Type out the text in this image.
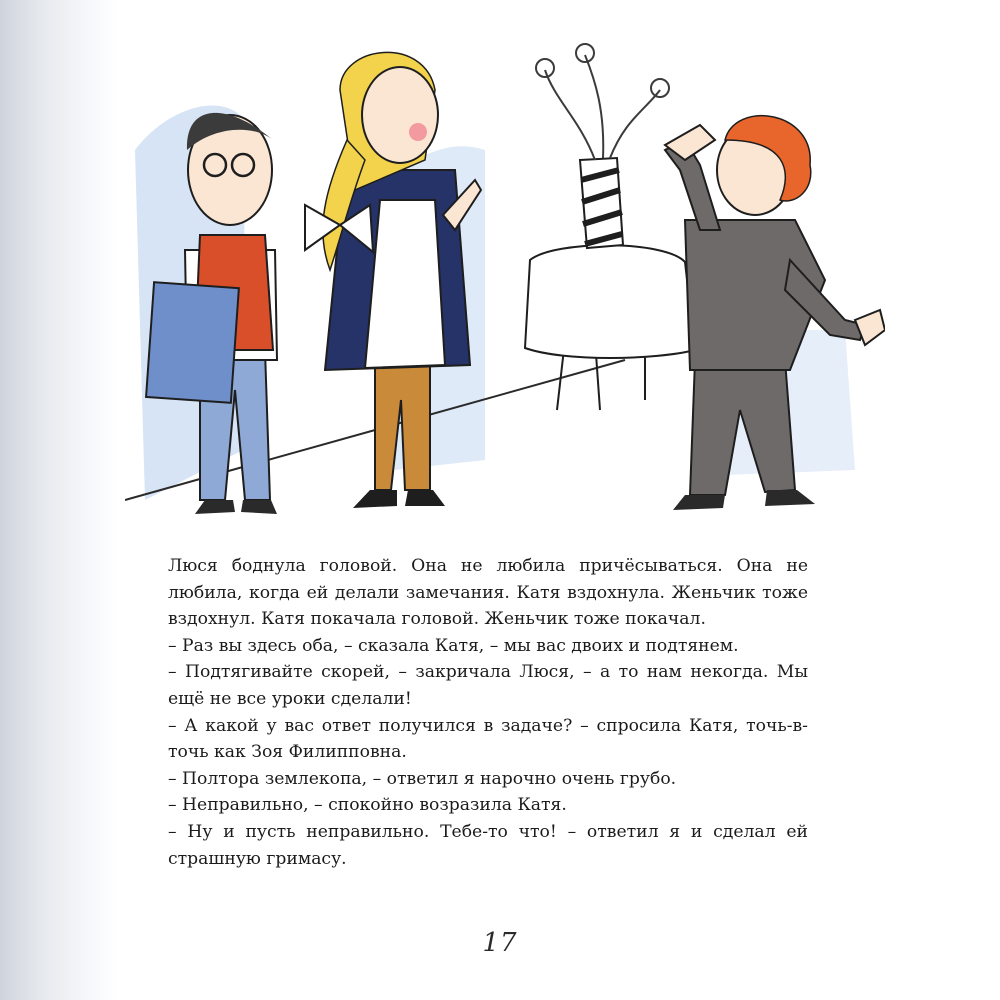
Люся боднула головой. Она не любила причёсываться. Она не любила, когда ей делали замечания. Катя вздохнула. Женьчик тоже вздохнул. Катя покачала головой. Женьчик тоже покачал.

– Раз вы здесь оба, – сказала Катя, – мы вас двоих и подтянем.

– Подтягивайте скорей, – закричала Люся, – а то нам некогда. Мы ещё не все уроки сделали!

– А какой у вас ответ получился в задаче? – спросила Катя, точь-в-точь как Зоя Филипповна.

– Полтора землекопа, – ответил я нарочно очень грубо.

– Неправильно, – спокойно возразила Катя.

– Ну и пусть неправильно. Тебе-то что! – ответил я и сделал ей страшную гримасу.

17
